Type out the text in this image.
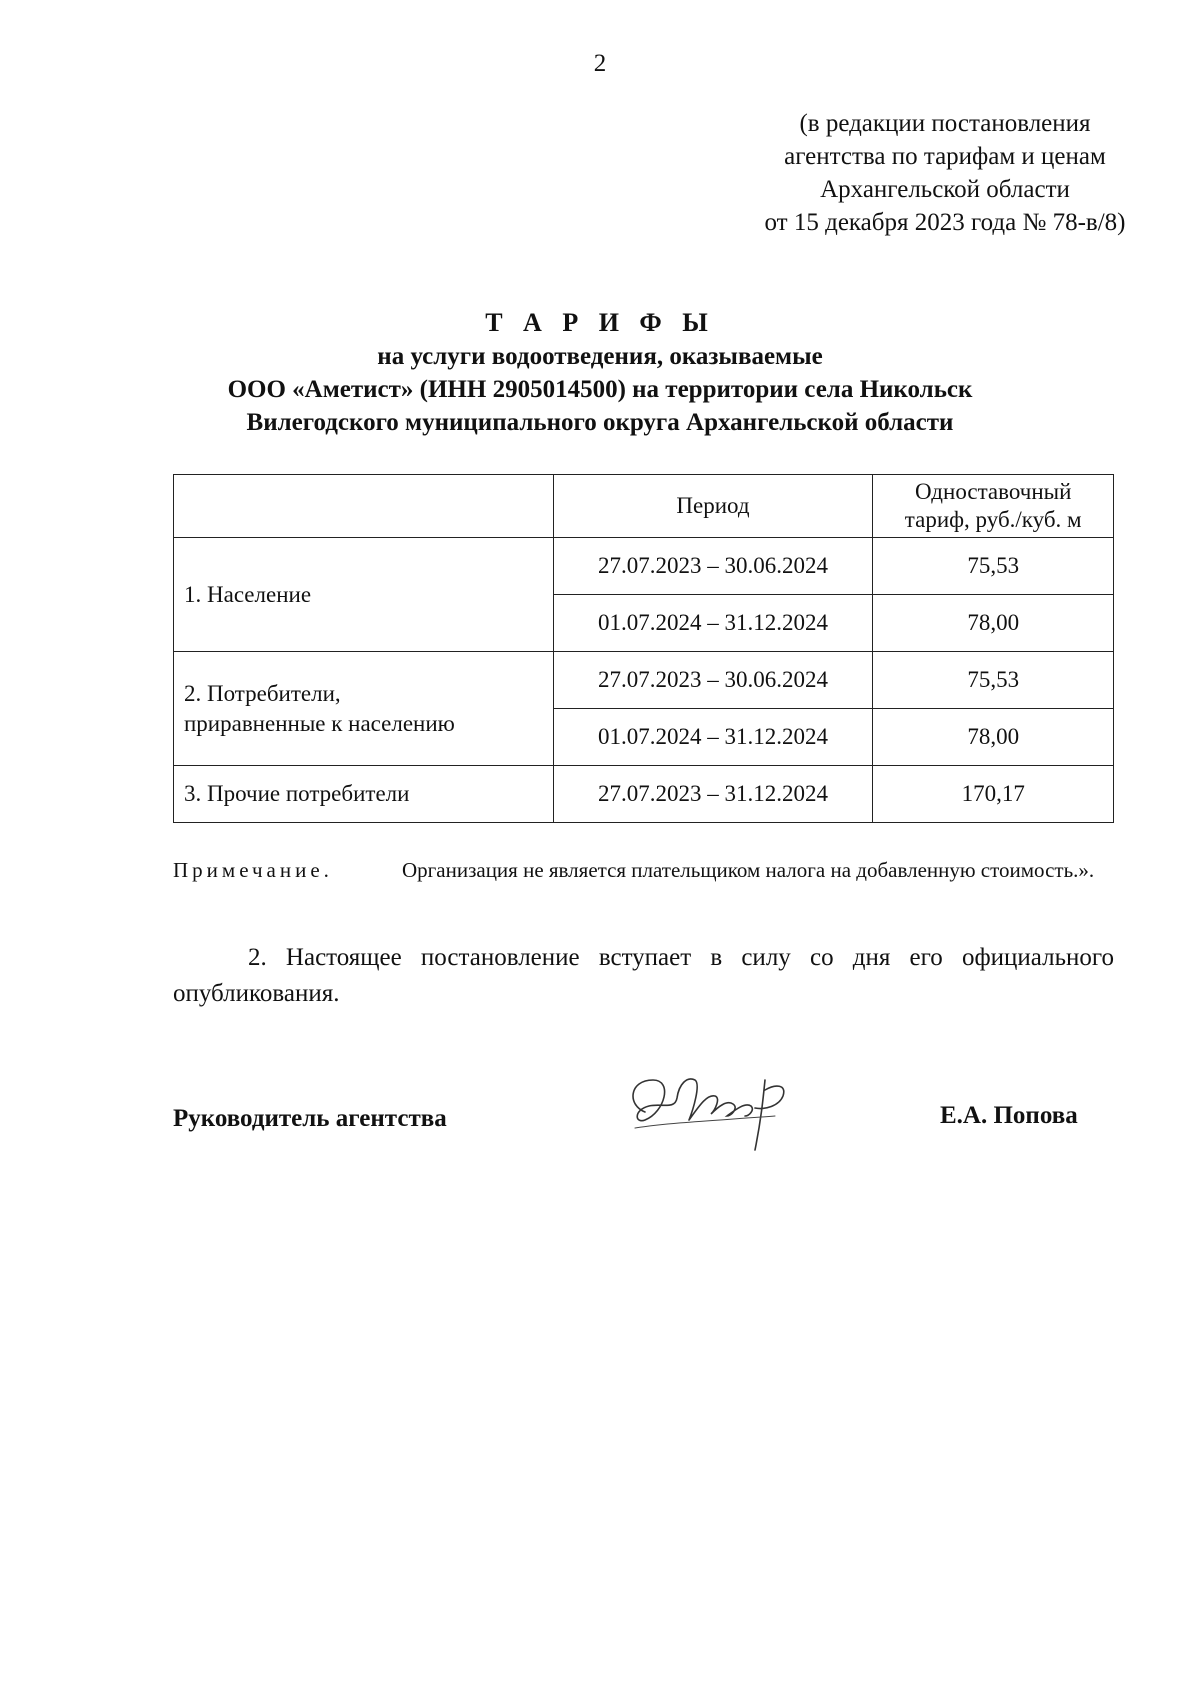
2
(в редакции постановления
агентства по тарифам и ценам
Архангельской области
от 15 декабря 2023 года № 78-в/8)
Т А Р И Ф Ы
на услуги водоотведения, оказываемые
ООО «Аметист» (ИНН 2905014500) на территории села Никольск
Вилегодского муниципального округа Архангельской области
	Период	Одноставочный
тариф, руб./куб. м

1. Население	27.07.2023 – 30.06.2024	75,53
	01.07.2024 – 31.12.2024	78,00

2. Потребители,
приравненные к населению	27.07.2023 – 30.06.2024	75,53
	01.07.2024 – 31.12.2024	78,00
3. Прочие потребители	27.07.2023 – 31.12.2024	170,17
Примечание.	Организация не является плательщиком налога на добавленную стоимость.».
2. Настоящее постановление вступает в силу со дня его официального опубликования.
Руководитель агентства	Е.А. Попова
